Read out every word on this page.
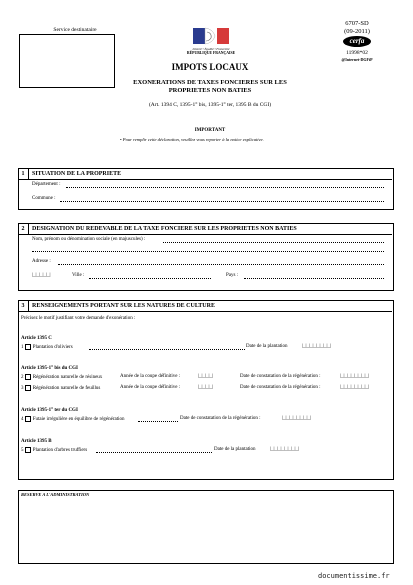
Service destinataire
Liberté • Égalité • Fraternité
RÉPUBLIQUE FRANÇAISE
6707-SD
(09-2011)
cerfa
11998*02
@Internet-DGFiP
IMPOTS LOCAUX
EXONERATIONS DE TAXES FONCIERES SUR LES
PROPRIETES NON BATIES
(Art. 1394 C, 1395-1° bis, 1395-1° ter, 1395 B du CGI)
IMPORTANT
• Pour remplir cette déclaration, veuillez vous reporter à la notice explicative.
1	SITUATION DE LA PROPRIETE
Département :
Commune :
2	DESIGNATION DU REDEVABLE DE LA TAXE FONCIERE SUR LES PROPRIETES NON BATIES
Nom, prénom ou dénomination sociale (en majuscules) :
Adresse :
|_|_|_|_|_|	Ville :	Pays :
3	RENSEIGNEMENTS PORTANT SUR LES NATURES DE CULTURE
Précisez le motif justifiant votre demande d'exonération :
Article 1395 C
1 Plantation d'oliviers	Date de la plantation	|_|_|_|_|_|_|_|_|
Article 1395-1° bis du CGI
2 Régénération naturelle de résineux	Année de la coupe définitive :	|_|_|_|_|	Date de constatation de la régénération :	|_|_|_|_|_|_|_|_|
3 Régénération naturelle de feuillus	Année de la coupe définitive :	|_|_|_|_|	Date de constatation de la régénération :	|_|_|_|_|_|_|_|_|
Article 1395-1° ter du CGI
4 Futaie irrégulière en équilibre de régénération	Date de constatation de la régénération :	|_|_|_|_|_|_|_|_|
Article 1395 B
5 Plantation d'arbres truffiers	Date de la plantation	|_|_|_|_|_|_|_|_|
RESERVE A L'ADMINISTRATION
documentissime.fr
